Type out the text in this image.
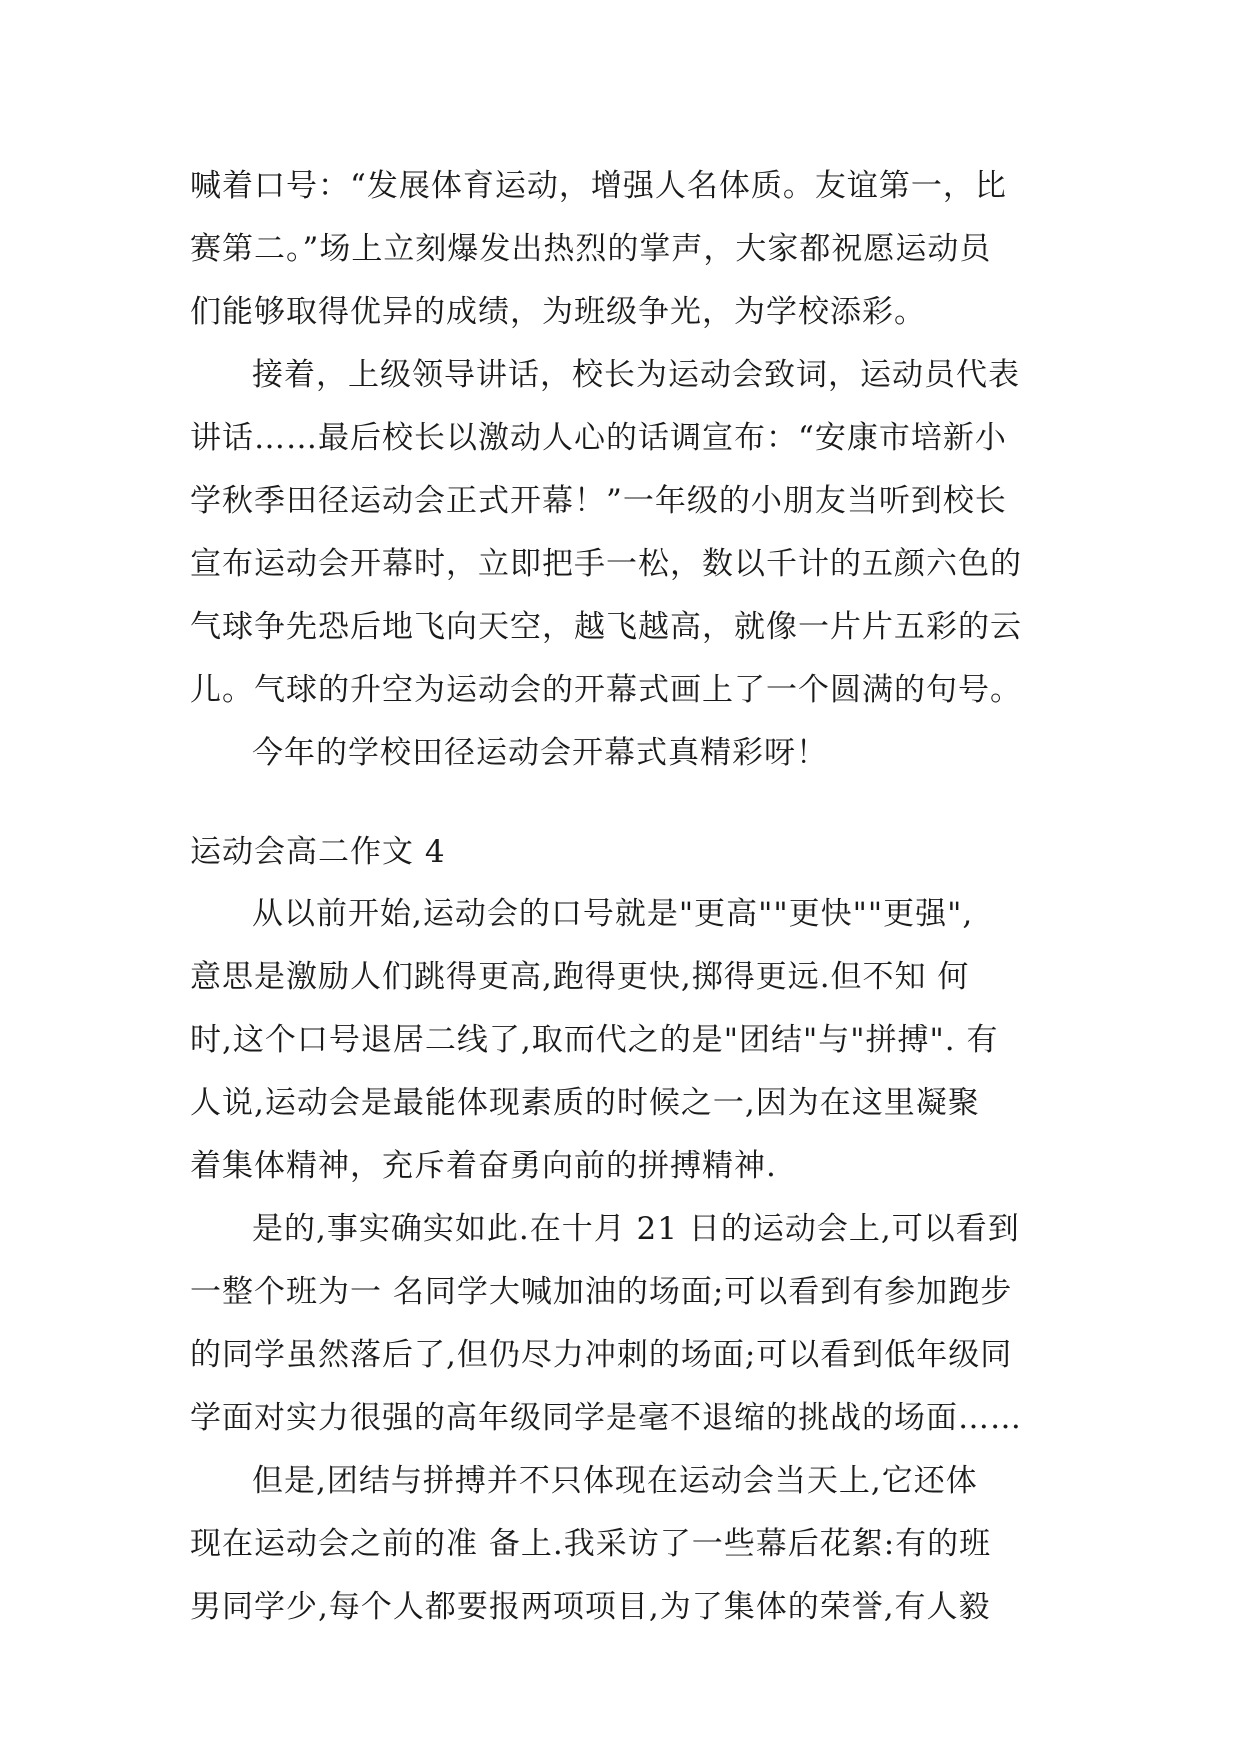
喊着口号：“发展体育运动，增强人名体质。友谊第一，比
赛第二。”场上立刻爆发出热烈的掌声，大家都祝愿运动员
们能够取得优异的成绩，为班级争光，为学校添彩。
接着，上级领导讲话，校长为运动会致词，运动员代表
讲话……最后校长以激动人心的话调宣布：“安康市培新小
学秋季田径运动会正式开幕！”一年级的小朋友当听到校长
宣布运动会开幕时，立即把手一松，数以千计的五颜六色的
气球争先恐后地飞向天空，越飞越高，就像一片片五彩的云
儿。气球的升空为运动会的开幕式画上了一个圆满的句号。
今年的学校田径运动会开幕式真精彩呀！
运动会高二作文 4
从以前开始,运动会的口号就是"更高""更快""更强",
意思是激励人们跳得更高,跑得更快,掷得更远.但不知 何
时,这个口号退居二线了,取而代之的是"团结"与"拼搏". 有
人说,运动会是最能体现素质的时候之一,因为在这里凝聚
着集体精神，充斥着奋勇向前的拼搏精神.
是的,事实确实如此.在十月 21 日的运动会上,可以看到
一整个班为一 名同学大喊加油的场面;可以看到有参加跑步
的同学虽然落后了,但仍尽力冲刺的场面;可以看到低年级同
学面对实力很强的高年级同学是毫不退缩的挑战的场面……
但是,团结与拼搏并不只体现在运动会当天上,它还体
现在运动会之前的准 备上.我采访了一些幕后花絮:有的班
男同学少,每个人都要报两项项目,为了集体的荣誉,有人毅
